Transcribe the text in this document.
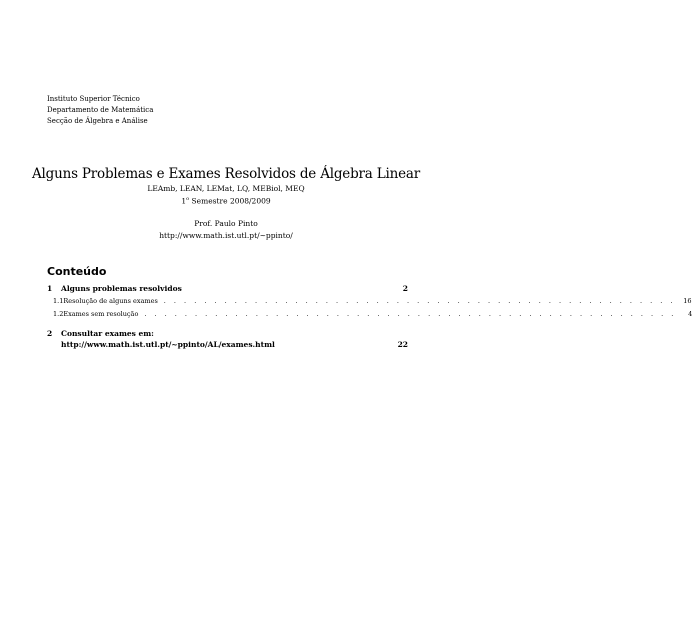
Instituto Superior Técnico
Departamento de Matemática
Secção de Álgebra e Análise
Alguns Problemas e Exames Resolvidos de Álgebra Linear
LEAmb, LEAN, LEMat, LQ, MEBiol, MEQ
1$^o$ Semestre 2008/2009
Prof. Paulo Pinto
http://www.math.ist.utl.pt/~ppinto/
Conteúdo
1	Alguns problemas resolvidos	2
1.1 Resolução de alguns exames . . . . . . . . . . . . . . . . . . . . . . . . . . . . . . . . . . . . . . . . . . . . . . . . . . . 16
1.2 Exames sem resolução . . . . . . . . . . . . . . . . . . . . . . . . . . . . . . . . . . . . . . . . . . . . . . . . . . . . .	4
2	Consultar exames em:
http://www.math.ist.utl.pt/~ppinto/AL/exames.html	22
